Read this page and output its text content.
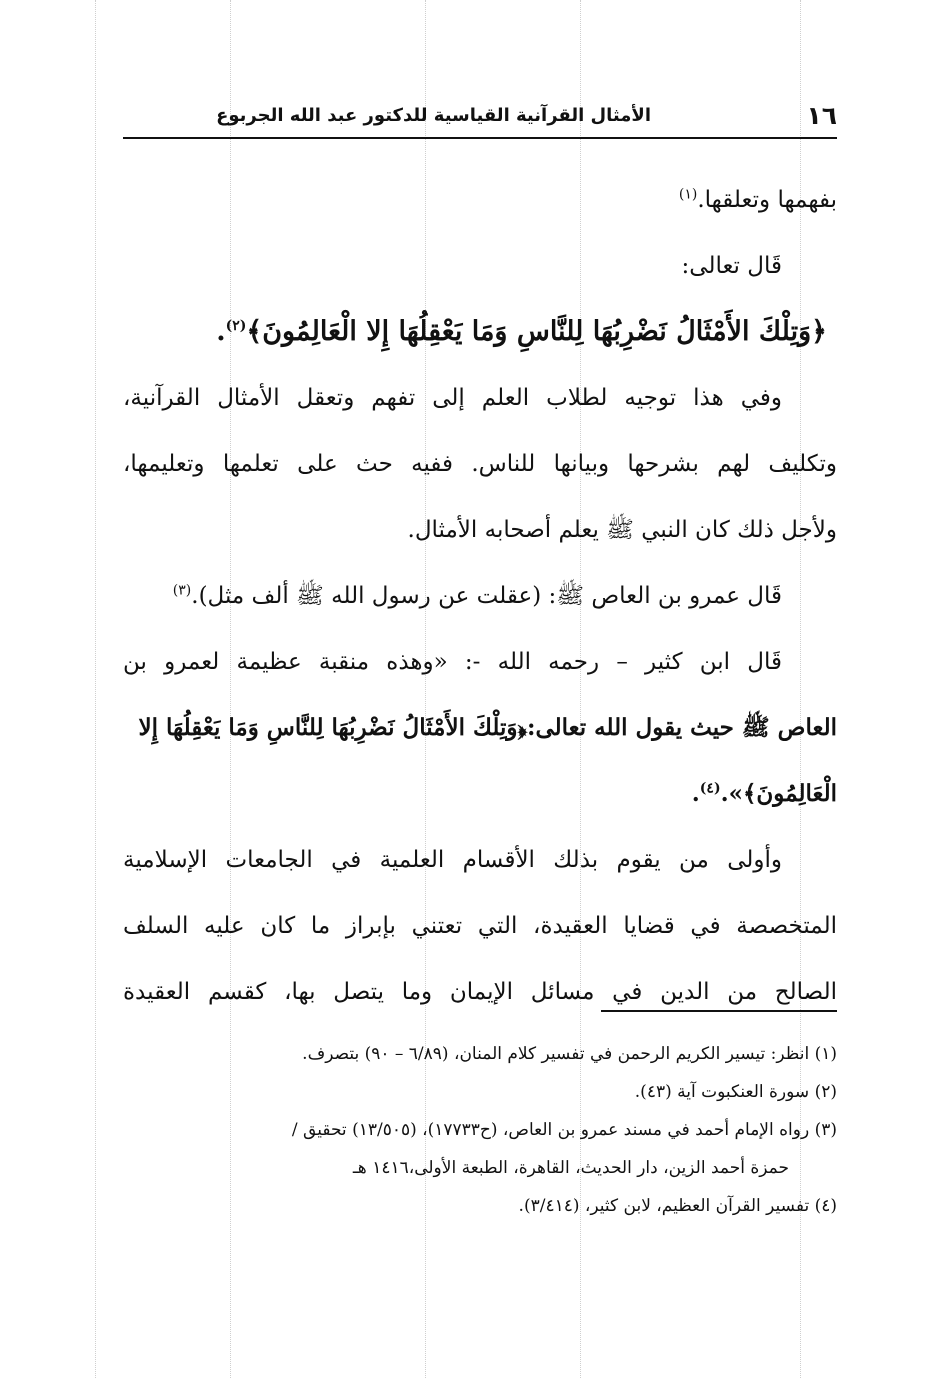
١٦
الأمثال القرآنية القياسية للدكتور عبد الله الجربوع
بفهمها وتعلقها.$^{(١)}$
قَال تعالى:
﴿وَتِلْكَ الأَمْثَالُ نَضْرِبُهَا لِلنَّاسِ وَمَا يَعْقِلُهَا إِلا الْعَالِمُونَ﴾$^{(٢)}$.
وفي هذا توجيه لطلاب العلم إلى تفهم وتعقل الأمثال القرآنية،
وتكليف لهم بشرحها وبيانها للناس. ففيه حث على تعلمها وتعليمها،
ولأجل ذلك كان النبي ﷺ يعلم أصحابه الأمثال.
قَال عمرو بن العاص ﷺ: (عقلت عن رسول الله ﷺ ألف مثل).$^{(٣)}$
قَال ابن كثير – رحمه الله -: «وهذه منقبة عظيمة لعمرو بن
العاص ﷺ حيث يقول الله تعالى:﴿وَتِلْكَ الأَمْثَالُ نَضْرِبُهَا لِلنَّاسِ وَمَا يَعْقِلُهَا إِلا
الْعَالِمُونَ﴾».$^{(٤)}$.
وأولى من يقوم بذلك الأقسام العلمية في الجامعات الإسلامية
المتخصصة في قضايا العقيدة، التي تعتني بإبراز ما كان عليه السلف
الصالح من الدين في مسائل الإيمان وما يتصل بها، كقسم العقيدة
(١) انظر: تيسير الكريم الرحمن في تفسير كلام المنان، (٦/٨٩ – ٩٠) بتصرف.
(٢) سورة العنكبوت آية (٤٣).
(٣) رواه الإمام أحمد في مسند عمرو بن العاص، (ح١٧٧٣٣)، (١٣/٥٠٥) تحقيق /
حمزة أحمد الزين، دار الحديث، القاهرة، الطبعة الأولى،١٤١٦ هـ
(٤) تفسير القرآن العظيم، لابن كثير، (٣/٤١٤).
